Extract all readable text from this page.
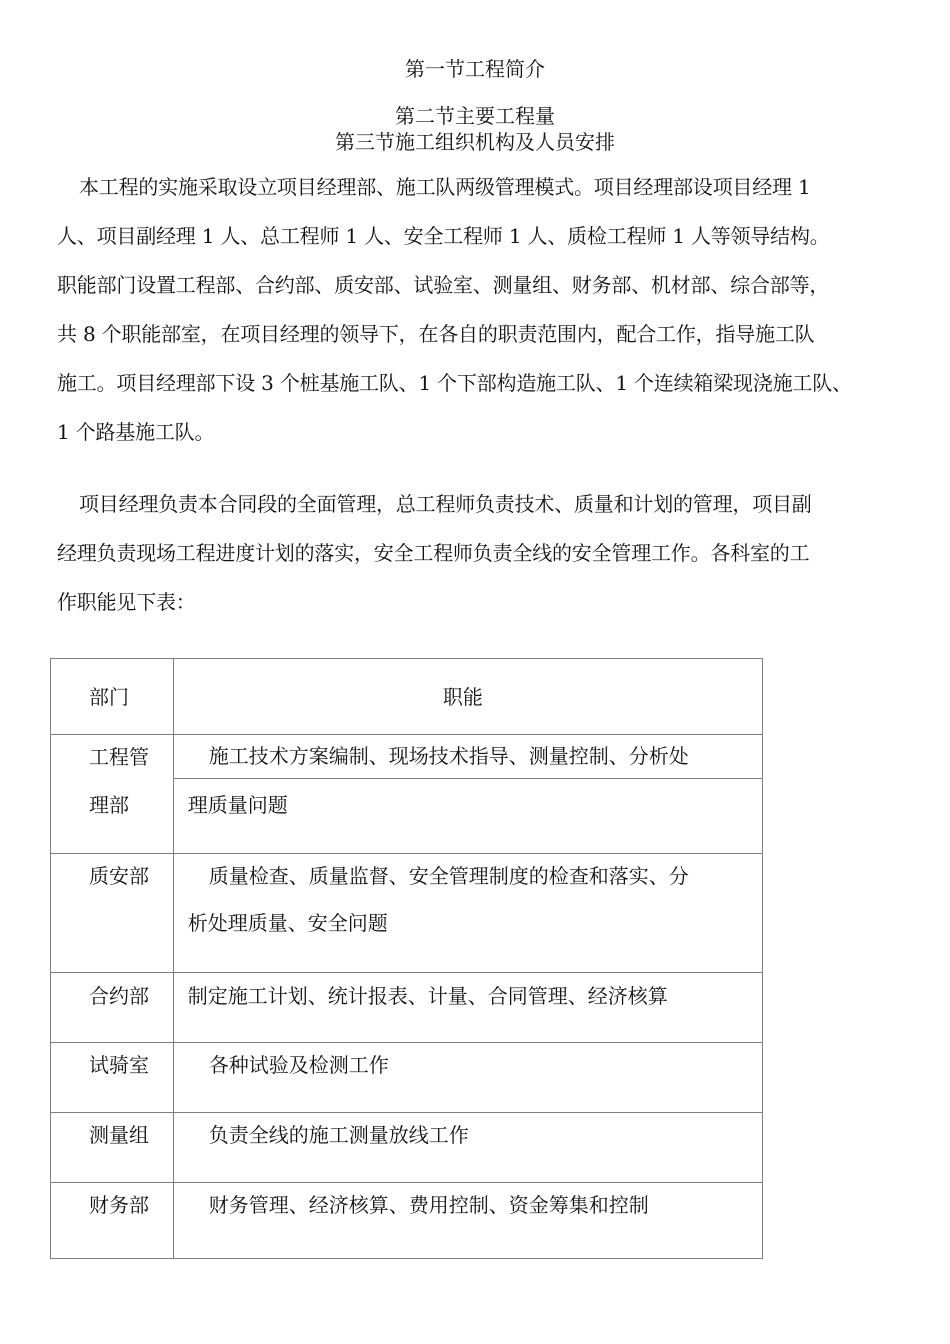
第一节工程简介
第二节主要工程量
第三节施工组织机构及人员安排
本工程的实施采取设立项目经理部、施工队两级管理模式。项目经理部设项目经理 1
人、项目副经理 1 人、总工程师 1 人、安全工程师 1 人、质检工程师 1 人等领导结构。
职能部门设置工程部、合约部、质安部、试验室、测量组、财务部、机材部、综合部等，
共 8 个职能部室，在项目经理的领导下，在各自的职责范围内，配合工作，指导施工队
施工。项目经理部下设 3 个桩基施工队、1 个下部构造施工队、1 个连续箱梁现浇施工队、
1 个路基施工队。
项目经理负责本合同段的全面管理，总工程师负责技术、质量和计划的管理，项目副
经理负责现场工程进度计划的落实，安全工程师负责全线的安全管理工作。各科室的工
作职能见下表：
部门	职能

工程管	施工技术方案编制、现场技术指导、测量控制、分析处

理部	理质量问题

质安部	质量检查、质量监督、安全管理制度的检查和落实、分
析处理质量、安全问题

合约部	制定施工计划、统计报表、计量、合同管理、经济核算

试骑室	各种试验及检测工作

测量组	负责全线的施工测量放线工作

财务部	财务管理、经济核算、费用控制、资金筹集和控制
